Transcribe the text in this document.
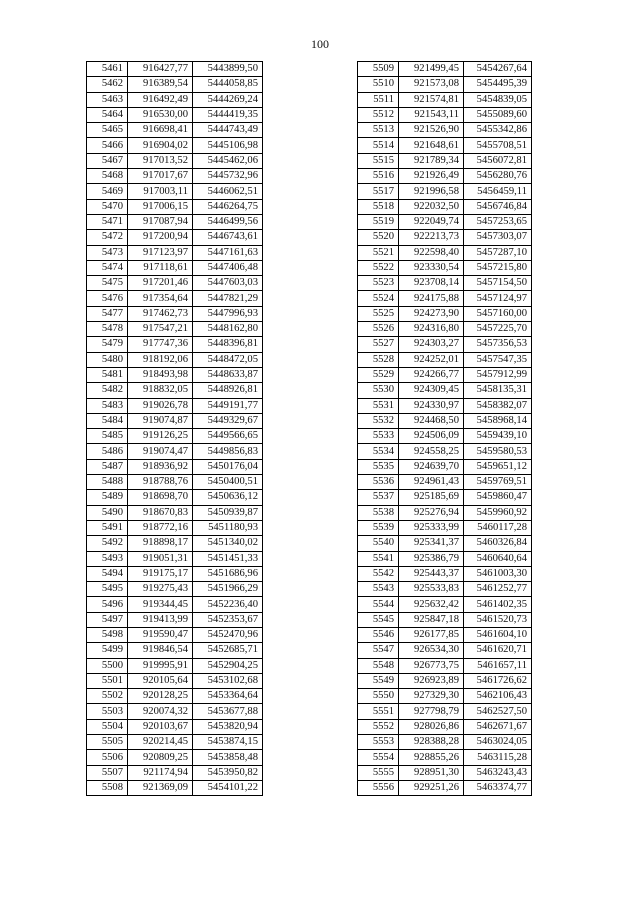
100
5461	916427,77	5443899,50
5462	916389,54	5444058,85
5463	916492,49	5444269,24
5464	916530,00	5444419,35
5465	916698,41	5444743,49
5466	916904,02	5445106,98
5467	917013,52	5445462,06
5468	917017,67	5445732,96
5469	917003,11	5446062,51
5470	917006,15	5446264,75
5471	917087,94	5446499,56
5472	917200,94	5446743,61
5473	917123,97	5447161,63
5474	917118,61	5447406,48
5475	917201,46	5447603,03
5476	917354,64	5447821,29
5477	917462,73	5447996,93
5478	917547,21	5448162,80
5479	917747,36	5448396,81
5480	918192,06	5448472,05
5481	918493,98	5448633,87
5482	918832,05	5448926,81
5483	919026,78	5449191,77
5484	919074,87	5449329,67
5485	919126,25	5449566,65
5486	919074,47	5449856,83
5487	918936,92	5450176,04
5488	918788,76	5450400,51
5489	918698,70	5450636,12
5490	918670,83	5450939,87
5491	918772,16	5451180,93
5492	918898,17	5451340,02
5493	919051,31	5451451,33
5494	919175,17	5451686,96
5495	919275,43	5451966,29
5496	919344,45	5452236,40
5497	919413,99	5452353,67
5498	919590,47	5452470,96
5499	919846,54	5452685,71
5500	919995,91	5452904,25
5501	920105,64	5453102,68
5502	920128,25	5453364,64
5503	920074,32	5453677,88
5504	920103,67	5453820,94
5505	920214,45	5453874,15
5506	920809,25	5453858,48
5507	921174,94	5453950,82
5508	921369,09	5454101,22
5509	921499,45	5454267,64
5510	921573,08	5454495,39
5511	921574,81	5454839,05
5512	921543,11	5455089,60
5513	921526,90	5455342,86
5514	921648,61	5455708,51
5515	921789,34	5456072,81
5516	921926,49	5456280,76
5517	921996,58	5456459,11
5518	922032,50	5456746,84
5519	922049,74	5457253,65
5520	922213,73	5457303,07
5521	922598,40	5457287,10
5522	923330,54	5457215,80
5523	923708,14	5457154,50
5524	924175,88	5457124,97
5525	924273,90	5457160,00
5526	924316,80	5457225,70
5527	924303,27	5457356,53
5528	924252,01	5457547,35
5529	924266,77	5457912,99
5530	924309,45	5458135,31
5531	924330,97	5458382,07
5532	924468,50	5458968,14
5533	924506,09	5459439,10
5534	924558,25	5459580,53
5535	924639,70	5459651,12
5536	924961,43	5459769,51
5537	925185,69	5459860,47
5538	925276,94	5459960,92
5539	925333,99	5460117,28
5540	925341,37	5460326,84
5541	925386,79	5460640,64
5542	925443,37	5461003,30
5543	925533,83	5461252,77
5544	925632,42	5461402,35
5545	925847,18	5461520,73
5546	926177,85	5461604,10
5547	926534,30	5461620,71
5548	926773,75	5461657,11
5549	926923,89	5461726,62
5550	927329,30	5462106,43
5551	927798,79	5462527,50
5552	928026,86	5462671,67
5553	928388,28	5463024,05
5554	928855,26	5463115,28
5555	928951,30	5463243,43
5556	929251,26	5463374,77
